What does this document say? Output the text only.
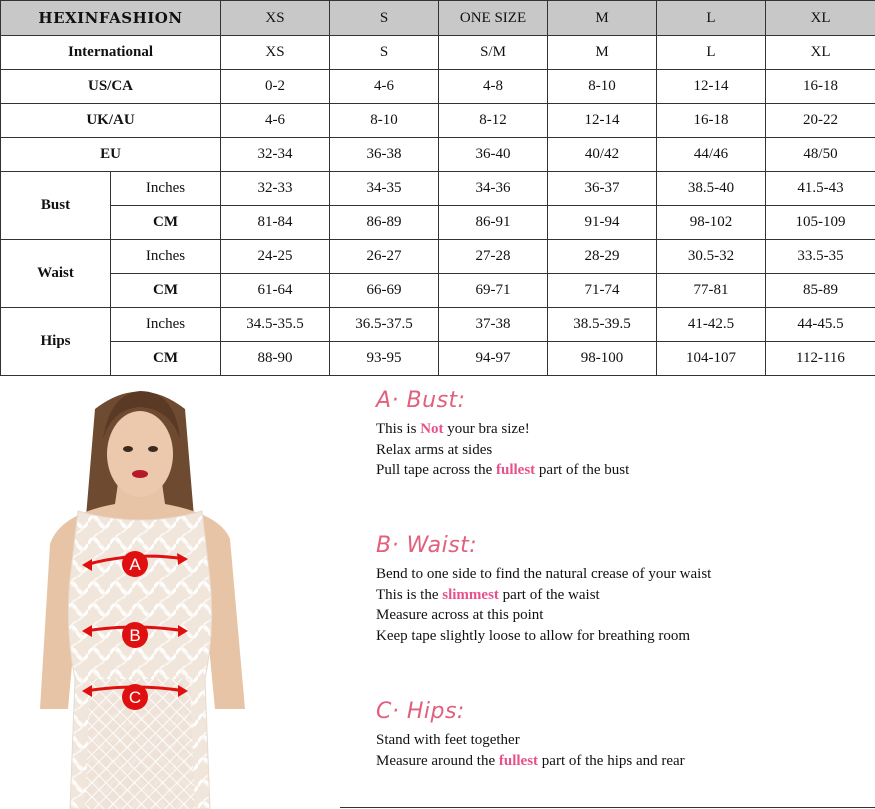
HEXINFASHION		XS	S	ONE SIZE	M	L	XL
International		XS	S	S/M	M	L	XL
US/CA		0-2	4-6	4-8	8-10	12-14	16-18
UK/AU		4-6	8-10	8-12	12-14	16-18	20-22
EU		32-34	36-38	36-40	40/42	44/46	48/50
Bust	Inches	32-33	34-35	34-36	36-37	38.5-40	41.5-43
	CM	81-84	86-89	86-91	91-94	98-102	105-109
Waist	Inches	24-25	26-27	27-28	28-29	30.5-32	33.5-35
	CM	61-64	66-69	69-71	71-74	77-81	85-89
Hips	Inches	34.5-35.5	36.5-37.5	37-38	38.5-39.5	41-42.5	44-45.5
	CM	88-90	93-95	94-97	98-100	104-107	112-116
A
B
C
A· Bust:

This is Not your bra size!

Relax arms at sides

Pull tape across the fullest part of the bust

B· Waist:

Bend to one side to find the natural crease of your waist

This is the slimmest part of the waist

Measure across at this point

Keep tape slightly loose to allow for breathing room

C· Hips:

Stand with feet together

Measure around the fullest part of the hips and rear
